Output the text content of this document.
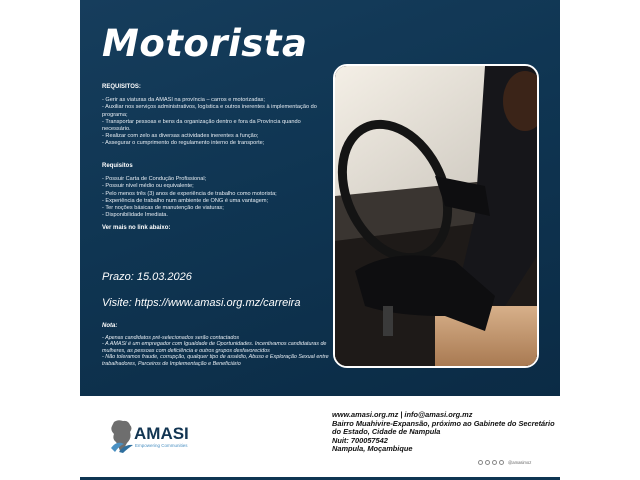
Motorista
REQUISITOS:
- Gerir as viaturas da AMASI na província – carros e motorizadas;
- Auxiliar nos serviços administrativos, logística e outros inerentes à implementação do programa;
- Transportar pessoas e bens da organização dentro e fora da Província quando necessário.
- Realizar com zelo as diversas actividades inerentes a função;
- Assegurar o cumprimento do regulamento interno de transporte;
Requisitos
- Possuir Carta de Condução Profissional;
- Possuir nível médio ou equivalente;
- Pelo menos três (3) anos de experiência de trabalho como motorista;
- Experiência de trabalho num ambiente de ONG é uma vantagem;
- Ter noções básicas de manutenção de viaturas;
- Disponibilidade Imediata.
Ver mais no link abaixo:
Prazo: 15.03.2026
Visite: https://www.amasi.org.mz/carreira
Nota:
- Apenas candidatos pré-selecionados serão contactados
- A AMASI é um empregador com Igualdade de Oportunidades. Incentivamos candidaturas de mulheres, as pessoas com deficiência e outros grupos desfavorecidos
- Não toleramos fraude, corrupção, qualquer tipo de assédio, Abuso e Exploração Sexual entre trabalhadores, Parceiros de Implementação e Beneficiário
AMASI
Empowering Communities
www.amasi.org.mz | info@amasi.org.mz
Bairro Muahivire-Expansão, próximo ao Gabinete do Secretário do Estado, Cidade de Nampula
Nuit: 700057542
Nampula, Moçambique
@amasimoz
